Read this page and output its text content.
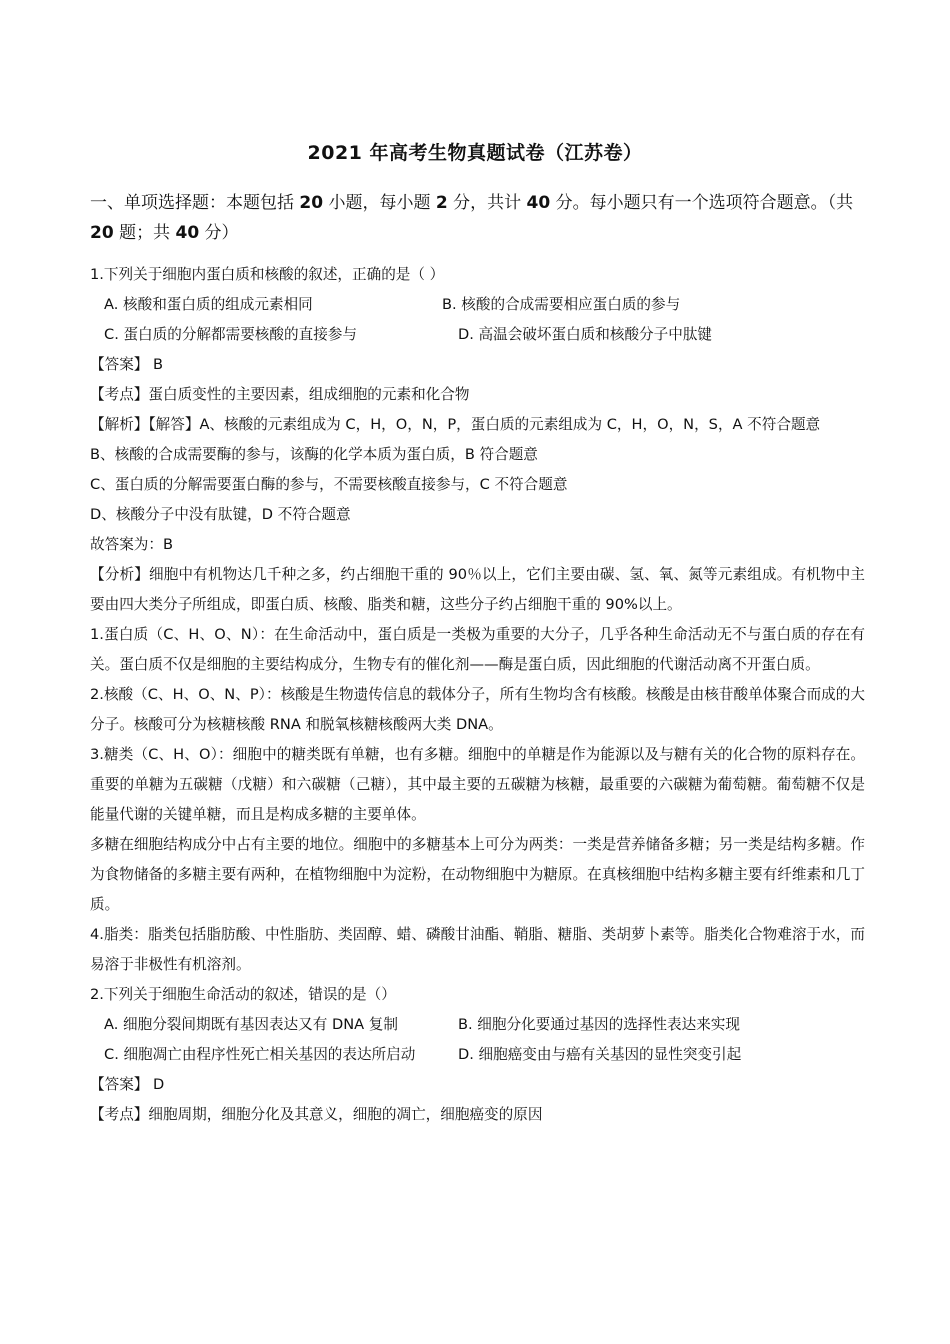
2021 年高考生物真题试卷（江苏卷）
一、单项选择题：本题包括 20 小题，每小题 2 分，共计 40 分。每小题只有一个选项符合题意。（共 20 题；共 40 分）
1.下列关于细胞内蛋白质和核酸的叙述，正确的是（ ）
A. 核酸和蛋白质的组成元素相同	B. 核酸的合成需要相应蛋白质的参与
C. 蛋白质的分解都需要核酸的直接参与	D. 高温会破坏蛋白质和核酸分子中肽键
【答案】 B
【考点】蛋白质变性的主要因素，组成细胞的元素和化合物
【解析】【解答】A、核酸的元素组成为 C，H，O，N，P，蛋白质的元素组成为 C，H，O，N，S，A 不符合题意
B、核酸的合成需要酶的参与，该酶的化学本质为蛋白质，B 符合题意
C、蛋白质的分解需要蛋白酶的参与，不需要核酸直接参与，C 不符合题意
D、核酸分子中没有肽键，D 不符合题意
故答案为：B
【分析】细胞中有机物达几千种之多，约占细胞干重的 90％以上，它们主要由碳、氢、氧、氮等元素组成。有机物中主要由四大类分子所组成，即蛋白质、核酸、脂类和糖，这些分子约占细胞干重的 90%以上。
1.蛋白质（C、H、O、N）：在生命活动中，蛋白质是一类极为重要的大分子，几乎各种生命活动无不与蛋白质的存在有关。蛋白质不仅是细胞的主要结构成分，生物专有的催化剂——酶是蛋白质，因此细胞的代谢活动离不开蛋白质。
2.核酸（C、H、O、N、P）：核酸是生物遗传信息的载体分子，所有生物均含有核酸。核酸是由核苷酸单体聚合而成的大分子。核酸可分为核糖核酸 RNA 和脱氧核糖核酸两大类 DNA。
3.糖类（C、H、O）：细胞中的糖类既有单糖，也有多糖。细胞中的单糖是作为能源以及与糖有关的化合物的原料存在。重要的单糖为五碳糖（戊糖）和六碳糖（己糖），其中最主要的五碳糖为核糖，最重要的六碳糖为葡萄糖。葡萄糖不仅是能量代谢的关键单糖，而且是构成多糖的主要单体。
多糖在细胞结构成分中占有主要的地位。细胞中的多糖基本上可分为两类：一类是营养储备多糖；另一类是结构多糖。作为食物储备的多糖主要有两种，在植物细胞中为淀粉，在动物细胞中为糖原。在真核细胞中结构多糖主要有纤维素和几丁质。
4.脂类：脂类包括脂肪酸、中性脂肪、类固醇、蜡、磷酸甘油酯、鞘脂、糖脂、类胡萝卜素等。脂类化合物难溶于水，而易溶于非极性有机溶剂。
2.下列关于细胞生命活动的叙述，错误的是（）
A. 细胞分裂间期既有基因表达又有 DNA 复制	B. 细胞分化要通过基因的选择性表达来实现
C. 细胞凋亡由程序性死亡相关基因的表达所启动	D. 细胞癌变由与癌有关基因的显性突变引起
【答案】 D
【考点】细胞周期，细胞分化及其意义，细胞的凋亡，细胞癌变的原因
